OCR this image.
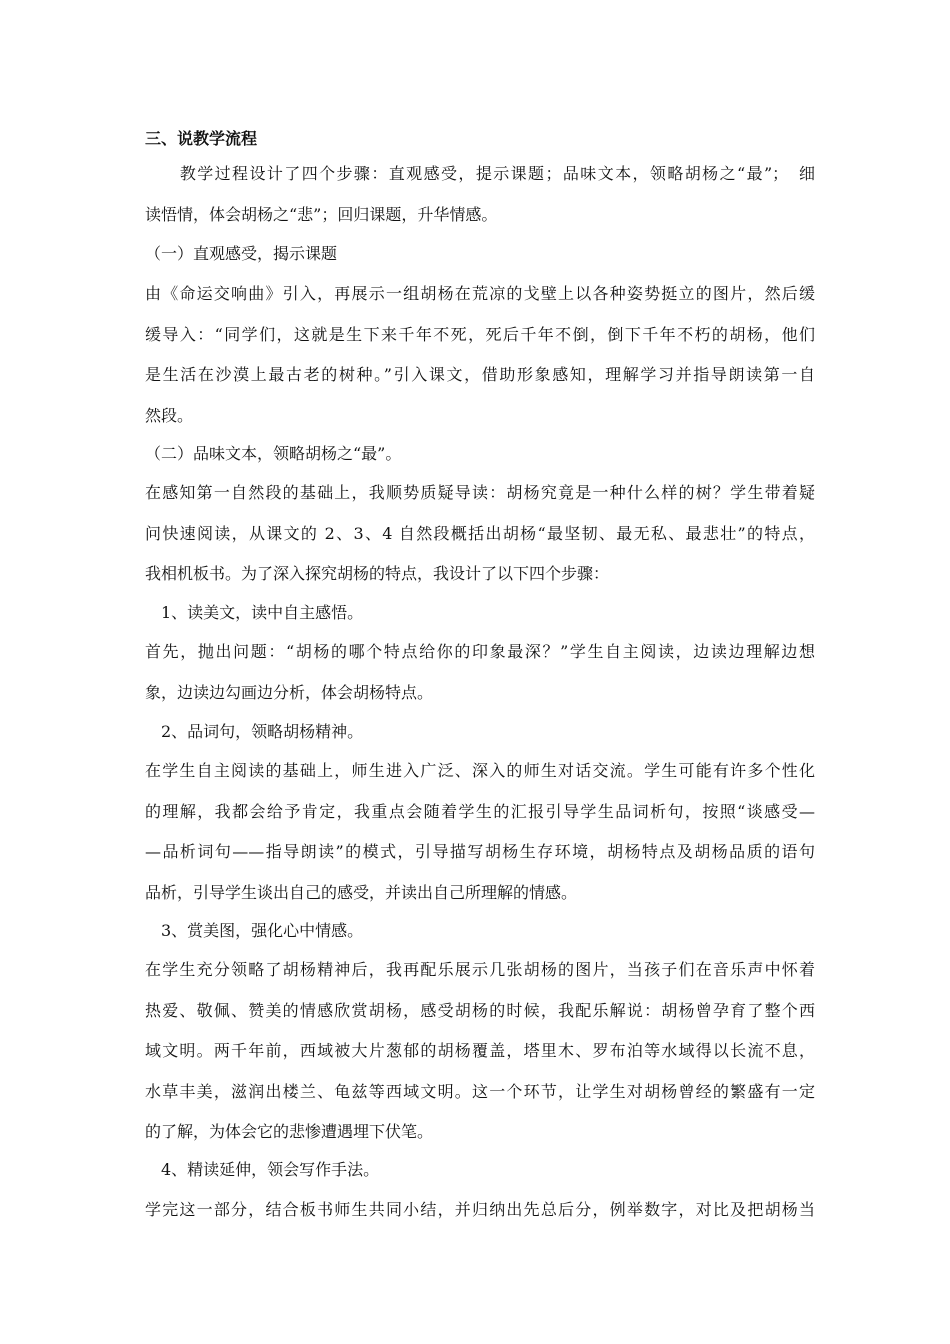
三、说教学流程
　　教学过程设计了四个步骤：直观感受，提示课题；品味文本，领略胡杨之“最”；　细
读悟情，体会胡杨之“悲”；回归课题，升华情感。
（一）直观感受，揭示课题
由《命运交响曲》引入，再展示一组胡杨在荒凉的戈壁上以各种姿势挺立的图片，然后缓
缓导入：“同学们，这就是生下来千年不死，死后千年不倒，倒下千年不朽的胡杨，他们
是生活在沙漠上最古老的树种。”引入课文，借助形象感知，理解学习并指导朗读第一自
然段。
（二）品味文本，领略胡杨之“最”。
在感知第一自然段的基础上，我顺势质疑导读：胡杨究竟是一种什么样的树？学生带着疑
问快速阅读，从课文的 2、3、4 自然段概括出胡杨“最坚韧、最无私、最悲壮”的特点，
我相机板书。为了深入探究胡杨的特点，我设计了以下四个步骤：
　1、读美文，读中自主感悟。
首先，抛出问题：“胡杨的哪个特点给你的印象最深？”学生自主阅读，边读边理解边想
象，边读边勾画边分析，体会胡杨特点。
　2、品词句，领略胡杨精神。
在学生自主阅读的基础上，师生进入广泛、深入的师生对话交流。学生可能有许多个性化
的理解，我都会给予肯定，我重点会随着学生的汇报引导学生品词析句，按照“谈感受—
—品析词句——指导朗读”的模式，引导描写胡杨生存环境，胡杨特点及胡杨品质的语句
品析，引导学生谈出自己的感受，并读出自己所理解的情感。
　3、赏美图，强化心中情感。
在学生充分领略了胡杨精神后，我再配乐展示几张胡杨的图片，当孩子们在音乐声中怀着
热爱、敬佩、赞美的情感欣赏胡杨，感受胡杨的时候，我配乐解说：胡杨曾孕育了整个西
域文明。两千年前，西域被大片葱郁的胡杨覆盖，塔里木、罗布泊等水域得以长流不息，
水草丰美，滋润出楼兰、龟兹等西域文明。这一个环节，让学生对胡杨曾经的繁盛有一定
的了解，为体会它的悲惨遭遇埋下伏笔。
　4、精读延伸，领会写作手法。
学完这一部分，结合板书师生共同小结，并归纳出先总后分，例举数字，对比及把胡杨当
